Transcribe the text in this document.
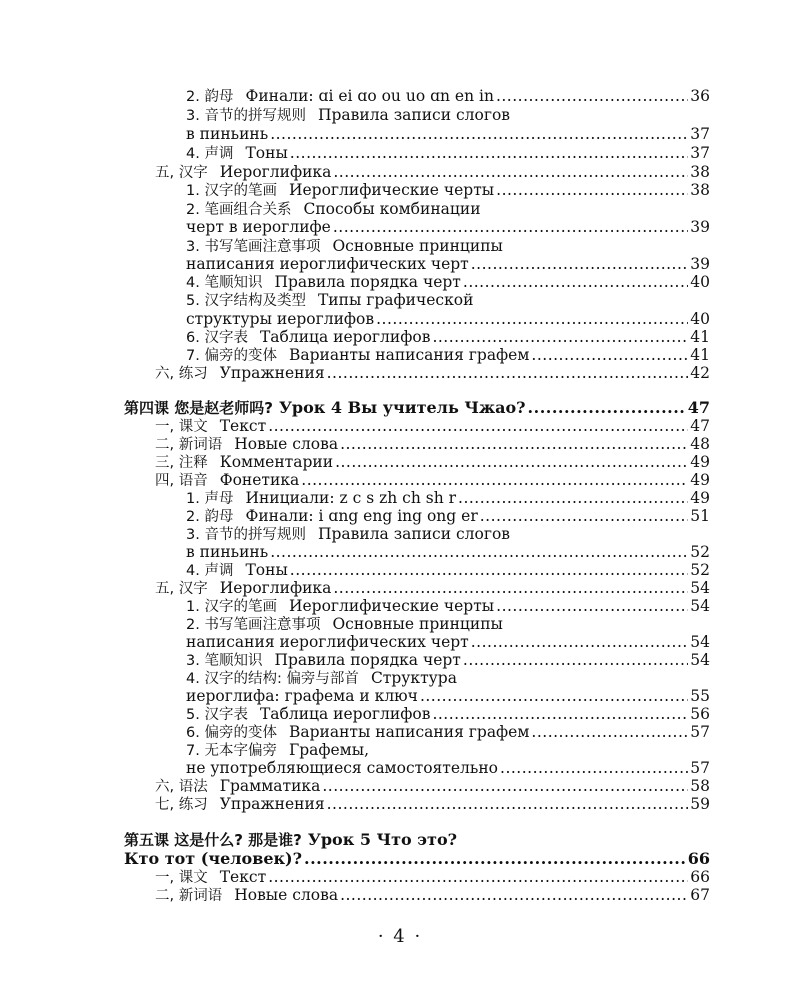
2. 韵母 Финали: ɑi ei ɑo ou uo ɑn en in .....	36
3. 音节的拼写规则 Правила записи слогов
в пиньинь .....	37
4. 声调 Тоны .....	37
五, 汉字 Иероглифика .....	38
1. 汉字的笔画 Иероглифические черты .....	38
2. 笔画组合关系 Способы комбинации
черт в иероглифе .....	39
3. 书写笔画注意事项 Основные принципы
написания иероглифических черт .....	39
4. 笔顺知识 Правила порядка черт .....	40
5. 汉字结构及类型 Типы графической
структуры иероглифов .....	40
6. 汉字表 Таблица иероглифов .....	41
7. 偏旁的变体 Варианты написания графем .....	41
六, 练习 Упражнения .....	42
第四课 您是赵老师吗? Урок 4 Вы учитель Чжао? .....	47
一, 课文 Текст .....	47
二, 新词语 Новые слова .....	48
三, 注释 Комментарии .....	49
四, 语音 Фонетика .....	49
1. 声母 Инициали: z c s zh ch sh r .....	49
2. 韵母 Финали: i ɑng eng ing ong er .....	51
3. 音节的拼写规则 Правила записи слогов
в пиньинь .....	52
4. 声调 Тоны .....	52
五, 汉字 Иероглифика .....	54
1. 汉字的笔画 Иероглифические черты .....	54
2. 书写笔画注意事项 Основные принципы
написания иероглифических черт .....	54
3. 笔顺知识 Правила порядка черт .....	54
4. 汉字的结构: 偏旁与部首 Структура
иероглифа: графема и ключ .....	55
5. 汉字表 Таблица иероглифов .....	56
6. 偏旁的变体 Варианты написания графем .....	57
7. 无本字偏旁 Графемы,
не употребляющиеся самостоятельно .....	57
六, 语法 Грамматика .....	58
七, 练习 Упражнения .....	59
第五课 这是什么? 那是谁? Урок 5 Что это?
Кто тот (человек)? .....	66
一, 课文 Текст .....	66
二, 新词语 Новые слова .....	67
· 4 ·
